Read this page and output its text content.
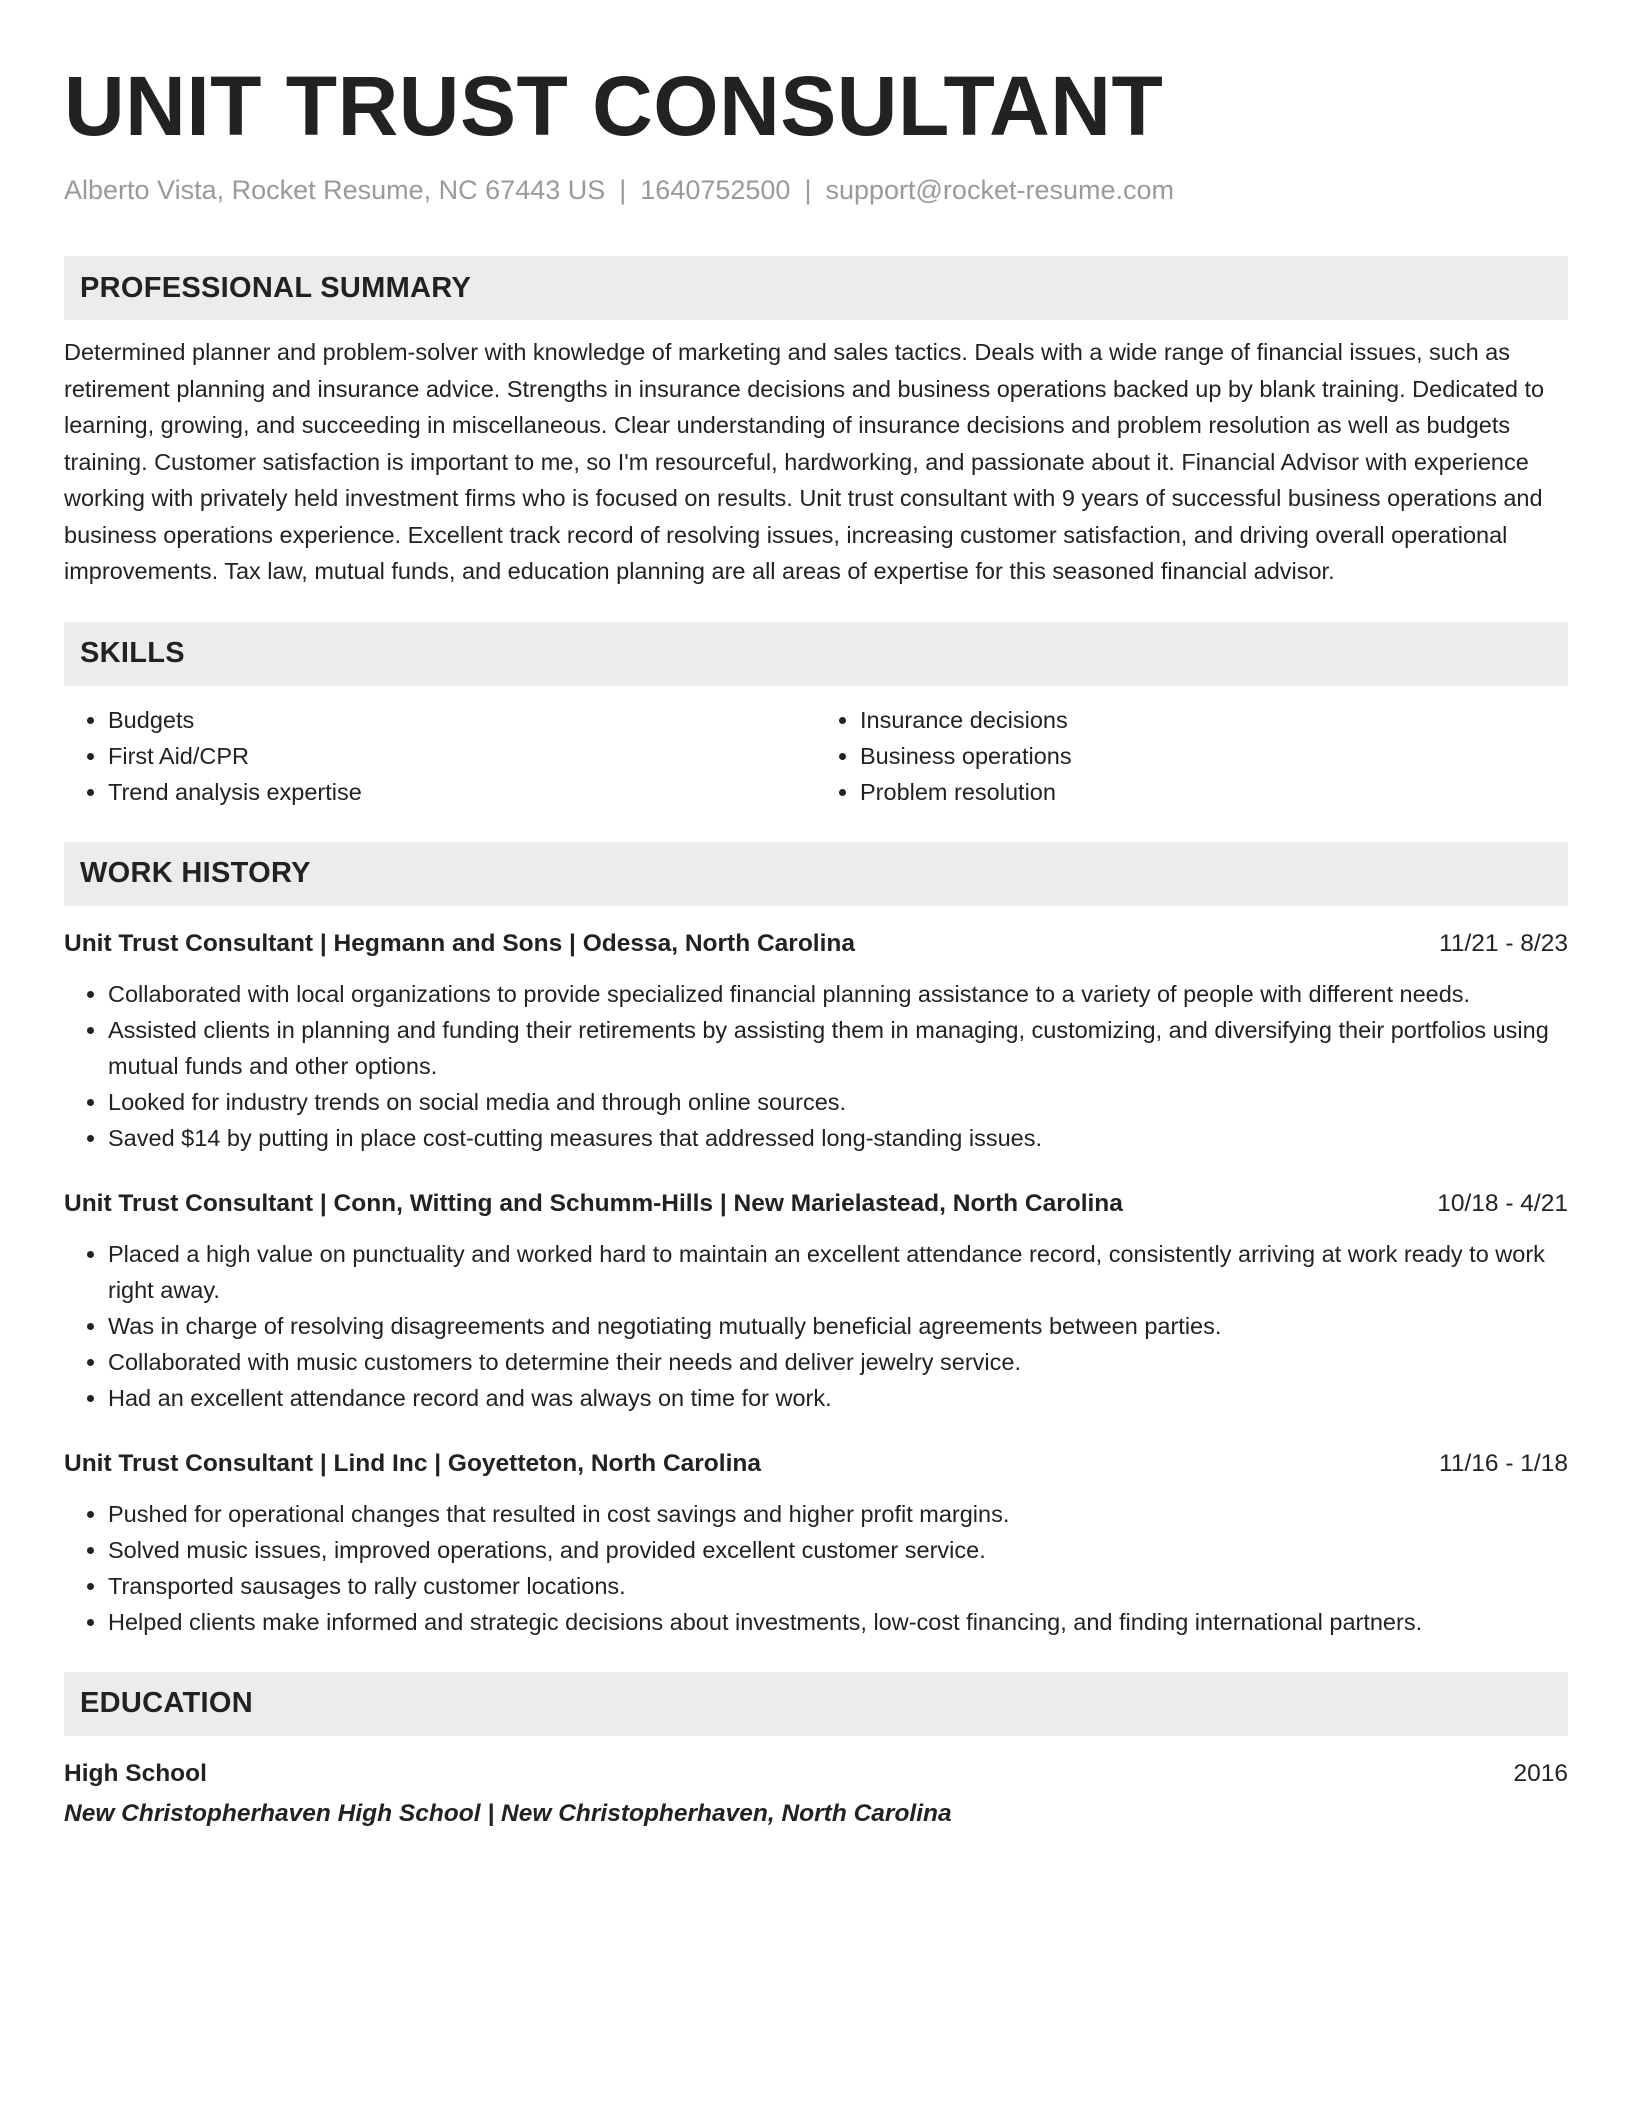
UNIT TRUST CONSULTANT
Alberto Vista, Rocket Resume, NC 67443 US | 1640752500 | support@rocket-resume.com
PROFESSIONAL SUMMARY
Determined planner and problem-solver with knowledge of marketing and sales tactics. Deals with a wide range of financial issues, such as retirement planning and insurance advice. Strengths in insurance decisions and business operations backed up by blank training. Dedicated to learning, growing, and succeeding in miscellaneous. Clear understanding of insurance decisions and problem resolution as well as budgets training. Customer satisfaction is important to me, so I'm resourceful, hardworking, and passionate about it. Financial Advisor with experience working with privately held investment firms who is focused on results. Unit trust consultant with 9 years of successful business operations and business operations experience. Excellent track record of resolving issues, increasing customer satisfaction, and driving overall operational improvements. Tax law, mutual funds, and education planning are all areas of expertise for this seasoned financial advisor.
SKILLS
• Budgets
• First Aid/CPR
• Trend analysis expertise
• Insurance decisions
• Business operations
• Problem resolution
WORK HISTORY
Unit Trust Consultant | Hegmann and Sons | Odessa, North Carolina	11/21 - 8/23
• Collaborated with local organizations to provide specialized financial planning assistance to a variety of people with different needs.
• Assisted clients in planning and funding their retirements by assisting them in managing, customizing, and diversifying their portfolios using mutual funds and other options.
• Looked for industry trends on social media and through online sources.
• Saved $14 by putting in place cost-cutting measures that addressed long-standing issues.
Unit Trust Consultant | Conn, Witting and Schumm-Hills | New Marielastead, North Carolina	10/18 - 4/21
• Placed a high value on punctuality and worked hard to maintain an excellent attendance record, consistently arriving at work ready to work right away.
• Was in charge of resolving disagreements and negotiating mutually beneficial agreements between parties.
• Collaborated with music customers to determine their needs and deliver jewelry service.
• Had an excellent attendance record and was always on time for work.
Unit Trust Consultant | Lind Inc | Goyetteton, North Carolina	11/16 - 1/18
• Pushed for operational changes that resulted in cost savings and higher profit margins.
• Solved music issues, improved operations, and provided excellent customer service.
• Transported sausages to rally customer locations.
• Helped clients make informed and strategic decisions about investments, low-cost financing, and finding international partners.
EDUCATION
High School	2016
New Christopherhaven High School | New Christopherhaven, North Carolina
